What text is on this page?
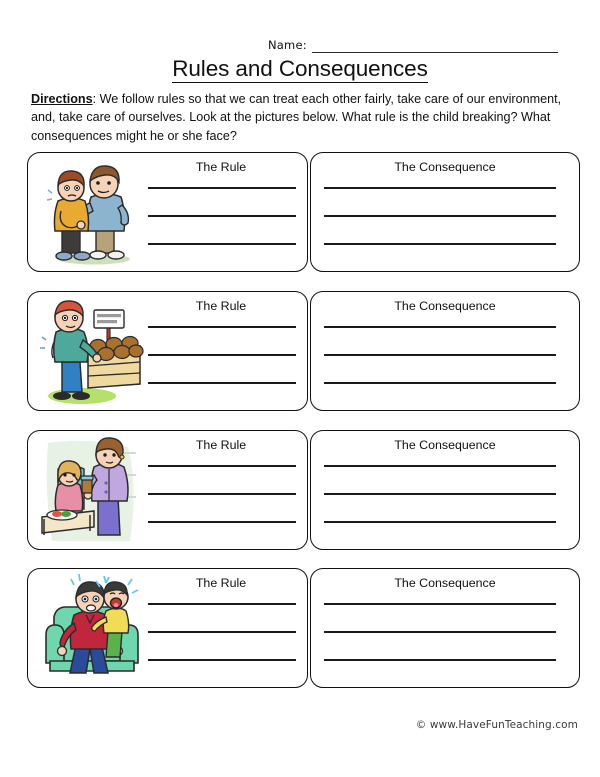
Name:
Rules and Consequences
Directions: We follow rules so that we can treat each other fairly, take care of our environment, and, take care of ourselves. Look at the pictures below. What rule is the child breaking? What consequences might he or she face?
The Rule	The Consequence
The Rule	The Consequence
The Rule	The Consequence
The Rule	The Consequence
© www.HaveFunTeaching.com
